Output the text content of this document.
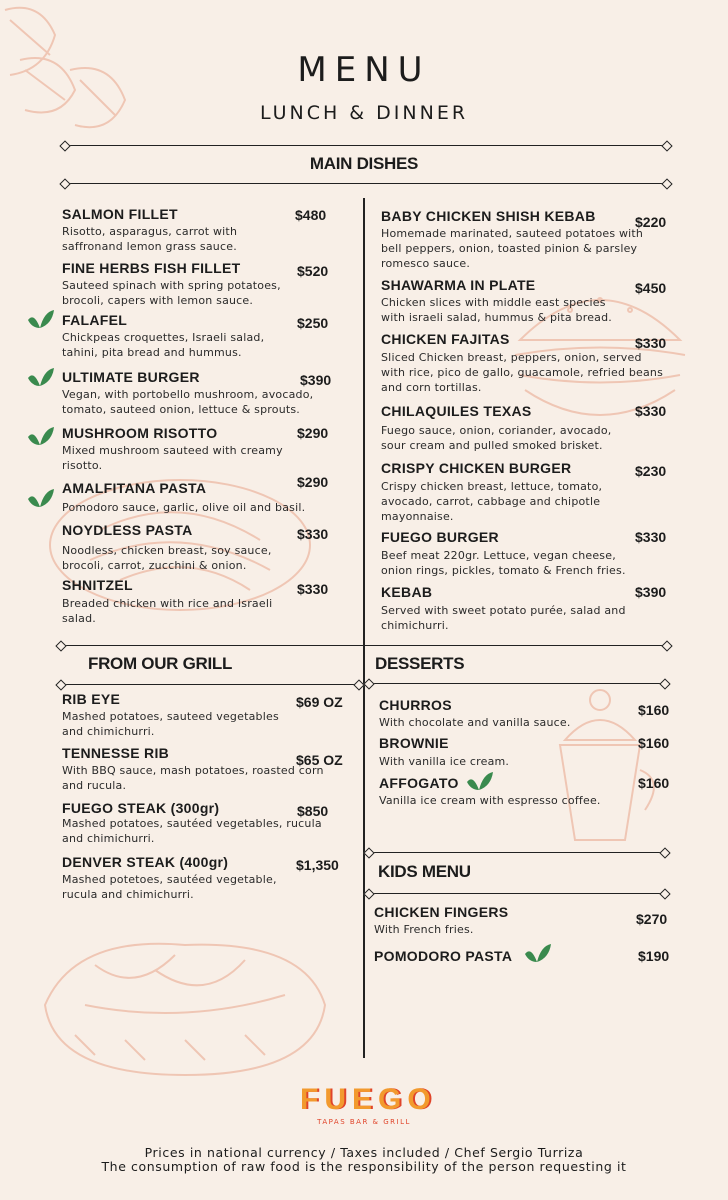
MENU
LUNCH & DINNER
MAIN DISHES
SALMON FILLET	$480
Risotto, asparagus, carrot with saffronand lemon grass sauce.
FINE HERBS FISH FILLET	$520
Sauteed spinach with spring potatoes, brocoli, capers with lemon sauce.
FALAFEL	$250
Chickpeas croquettes, Israeli salad, tahini, pita bread and hummus.
ULTIMATE BURGER	$390
Vegan, with portobello mushroom, avocado, tomato, sauteed onion, lettuce & sprouts.
MUSHROOM RISOTTO	$290
Mixed mushroom sauteed with creamy risotto.
AMALFITANA PASTA	$290
Pomodoro sauce, garlic, olive oil and basil.
NOYDLESS PASTA	$330
Noodless, chicken breast, soy sauce, brocoli, carrot, zucchini & onion.
SHNITZEL	$330
Breaded chicken with rice and Israeli salad.
BABY CHICKEN SHISH KEBAB	$220
Homemade marinated, sauteed potatoes with bell peppers, onion, toasted pinion & parsley romesco sauce.
SHAWARMA IN PLATE	$450
Chicken slices with middle east species with israeli salad, hummus & pita bread.
CHICKEN FAJITAS	$330
Sliced Chicken breast, peppers, onion, served with rice, pico de gallo, guacamole, refried beans and corn tortillas.
CHILAQUILES TEXAS	$330
Fuego sauce, onion, coriander, avocado, sour cream and pulled smoked brisket.
CRISPY CHICKEN BURGER	$230
Crispy chicken breast, lettuce, tomato, avocado, carrot, cabbage and chipotle mayonnaise.
FUEGO BURGER	$330
Beef meat 220gr. Lettuce, vegan cheese, onion rings, pickles, tomato & French fries.
KEBAB	$390
Served with sweet potato purée, salad and chimichurri.
FROM OUR GRILL	DESSERTS
RIB EYE	$69 OZ
Mashed potatoes, sauteed vegetables and chimichurri.
TENNESSE RIB	$65 OZ
With BBQ sauce, mash potatoes, roasted corn and rucula.
FUEGO STEAK (300gr)	$850
Mashed potatoes, sautéed vegetables, rucula and chimichurri.
DENVER STEAK (400gr)	$1,350
Mashed potetoes, sautéed vegetable, rucula and chimichurri.
CHURROS	$160
With chocolate and vanilla sauce.
BROWNIE	$160
With vanilla ice cream.
AFFOGATO	$160
Vanilla ice cream with espresso coffee.
KIDS MENU
CHICKEN FINGERS	$270
With French fries.
POMODORO PASTA	$190
FUEGO
TAPAS BAR & GRILL
Prices in national currency / Taxes included / Chef Sergio Turriza
The consumption of raw food is the responsibility of the person requesting it
